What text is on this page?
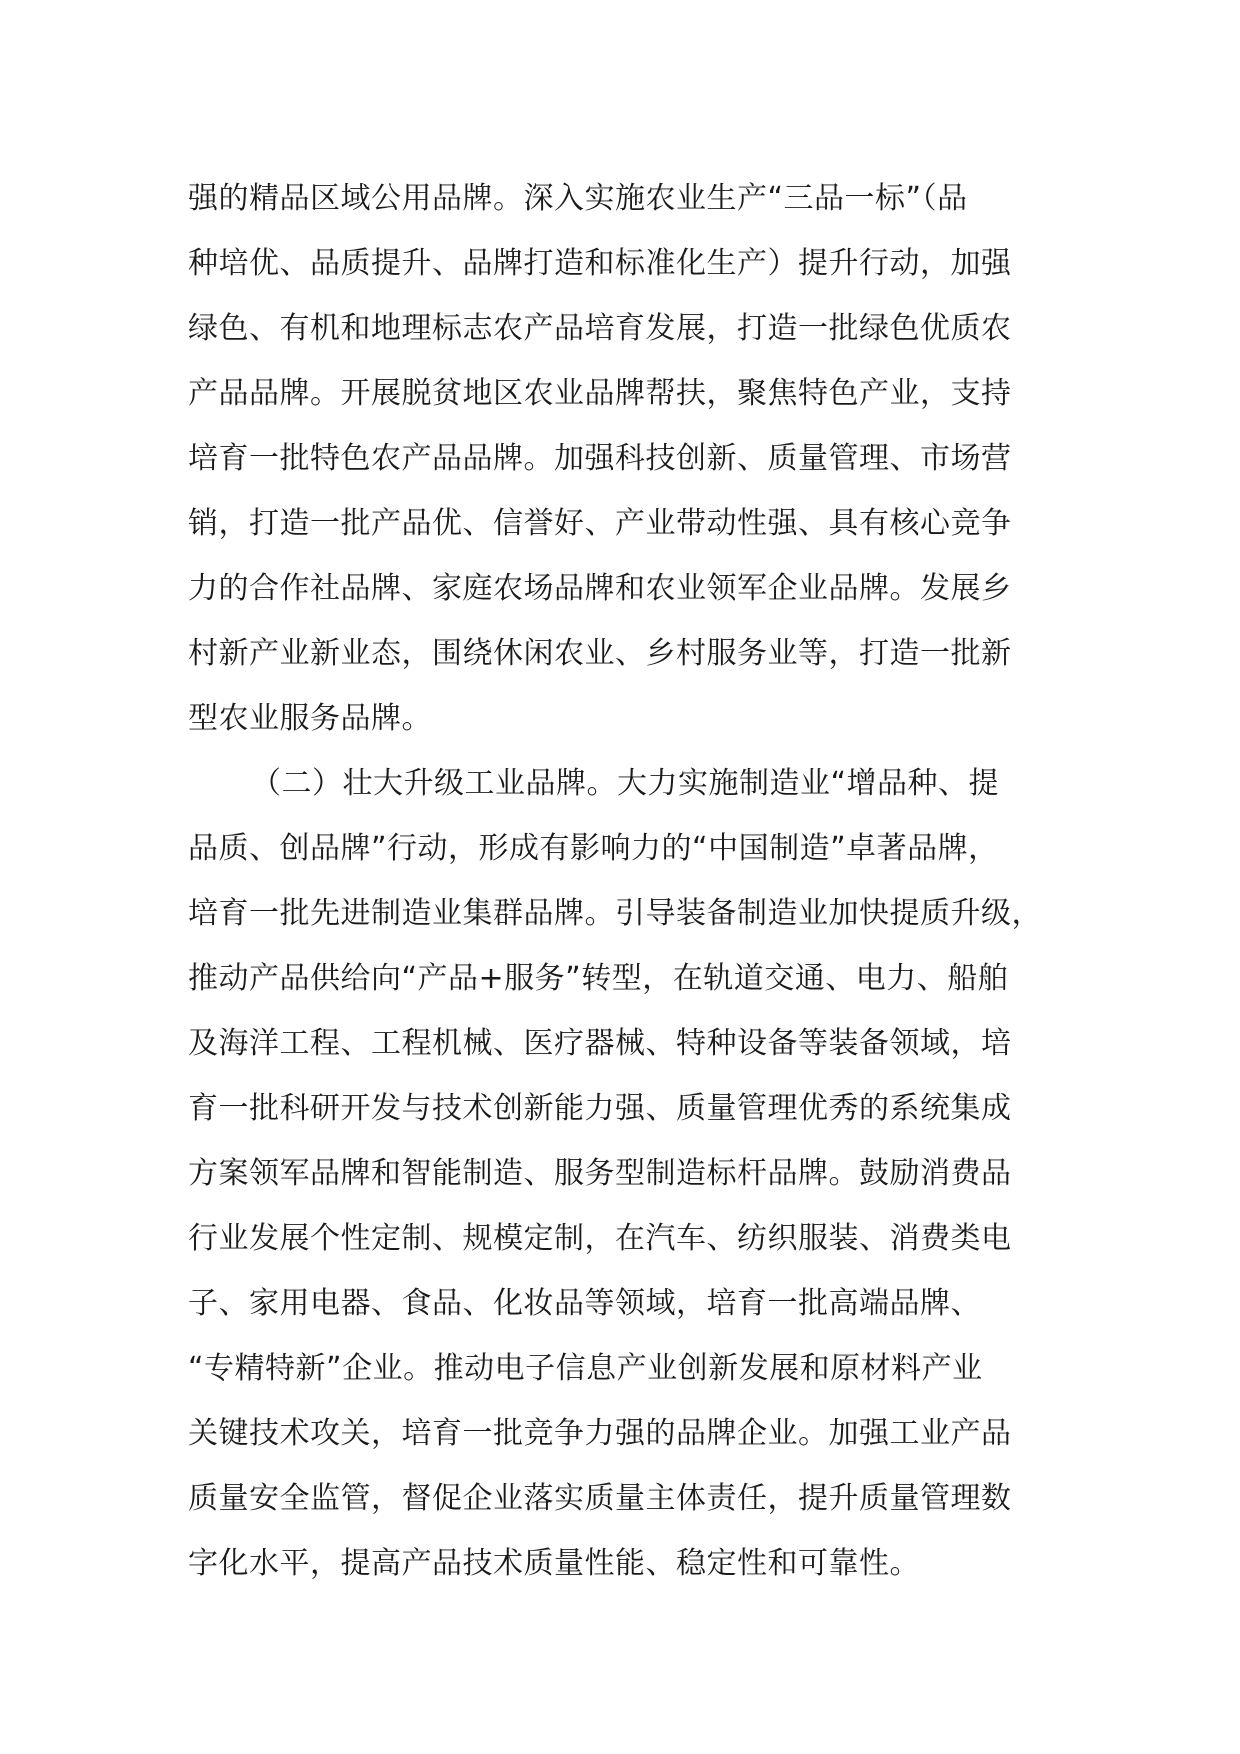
强的精品区域公用品牌。深入实施农业生产“三品一标”（品
种培优、品质提升、品牌打造和标准化生产）提升行动，加强
绿色、有机和地理标志农产品培育发展，打造一批绿色优质农
产品品牌。开展脱贫地区农业品牌帮扶，聚焦特色产业，支持
培育一批特色农产品品牌。加强科技创新、质量管理、市场营
销，打造一批产品优、信誉好、产业带动性强、具有核心竞争
力的合作社品牌、家庭农场品牌和农业领军企业品牌。发展乡
村新产业新业态，围绕休闲农业、乡村服务业等，打造一批新
型农业服务品牌。
（二）壮大升级工业品牌。大力实施制造业“增品种、提
品质、创品牌”行动，形成有影响力的“中国制造”卓著品牌，
培育一批先进制造业集群品牌。引导装备制造业加快提质升级，
推动产品供给向“产品+服务”转型，在轨道交通、电力、船舶
及海洋工程、工程机械、医疗器械、特种设备等装备领域，培
育一批科研开发与技术创新能力强、质量管理优秀的系统集成
方案领军品牌和智能制造、服务型制造标杆品牌。鼓励消费品
行业发展个性定制、规模定制，在汽车、纺织服装、消费类电
子、家用电器、食品、化妆品等领域，培育一批高端品牌、
“专精特新”企业。推动电子信息产业创新发展和原材料产业
关键技术攻关，培育一批竞争力强的品牌企业。加强工业产品
质量安全监管，督促企业落实质量主体责任，提升质量管理数
字化水平，提高产品技术质量性能、稳定性和可靠性。
